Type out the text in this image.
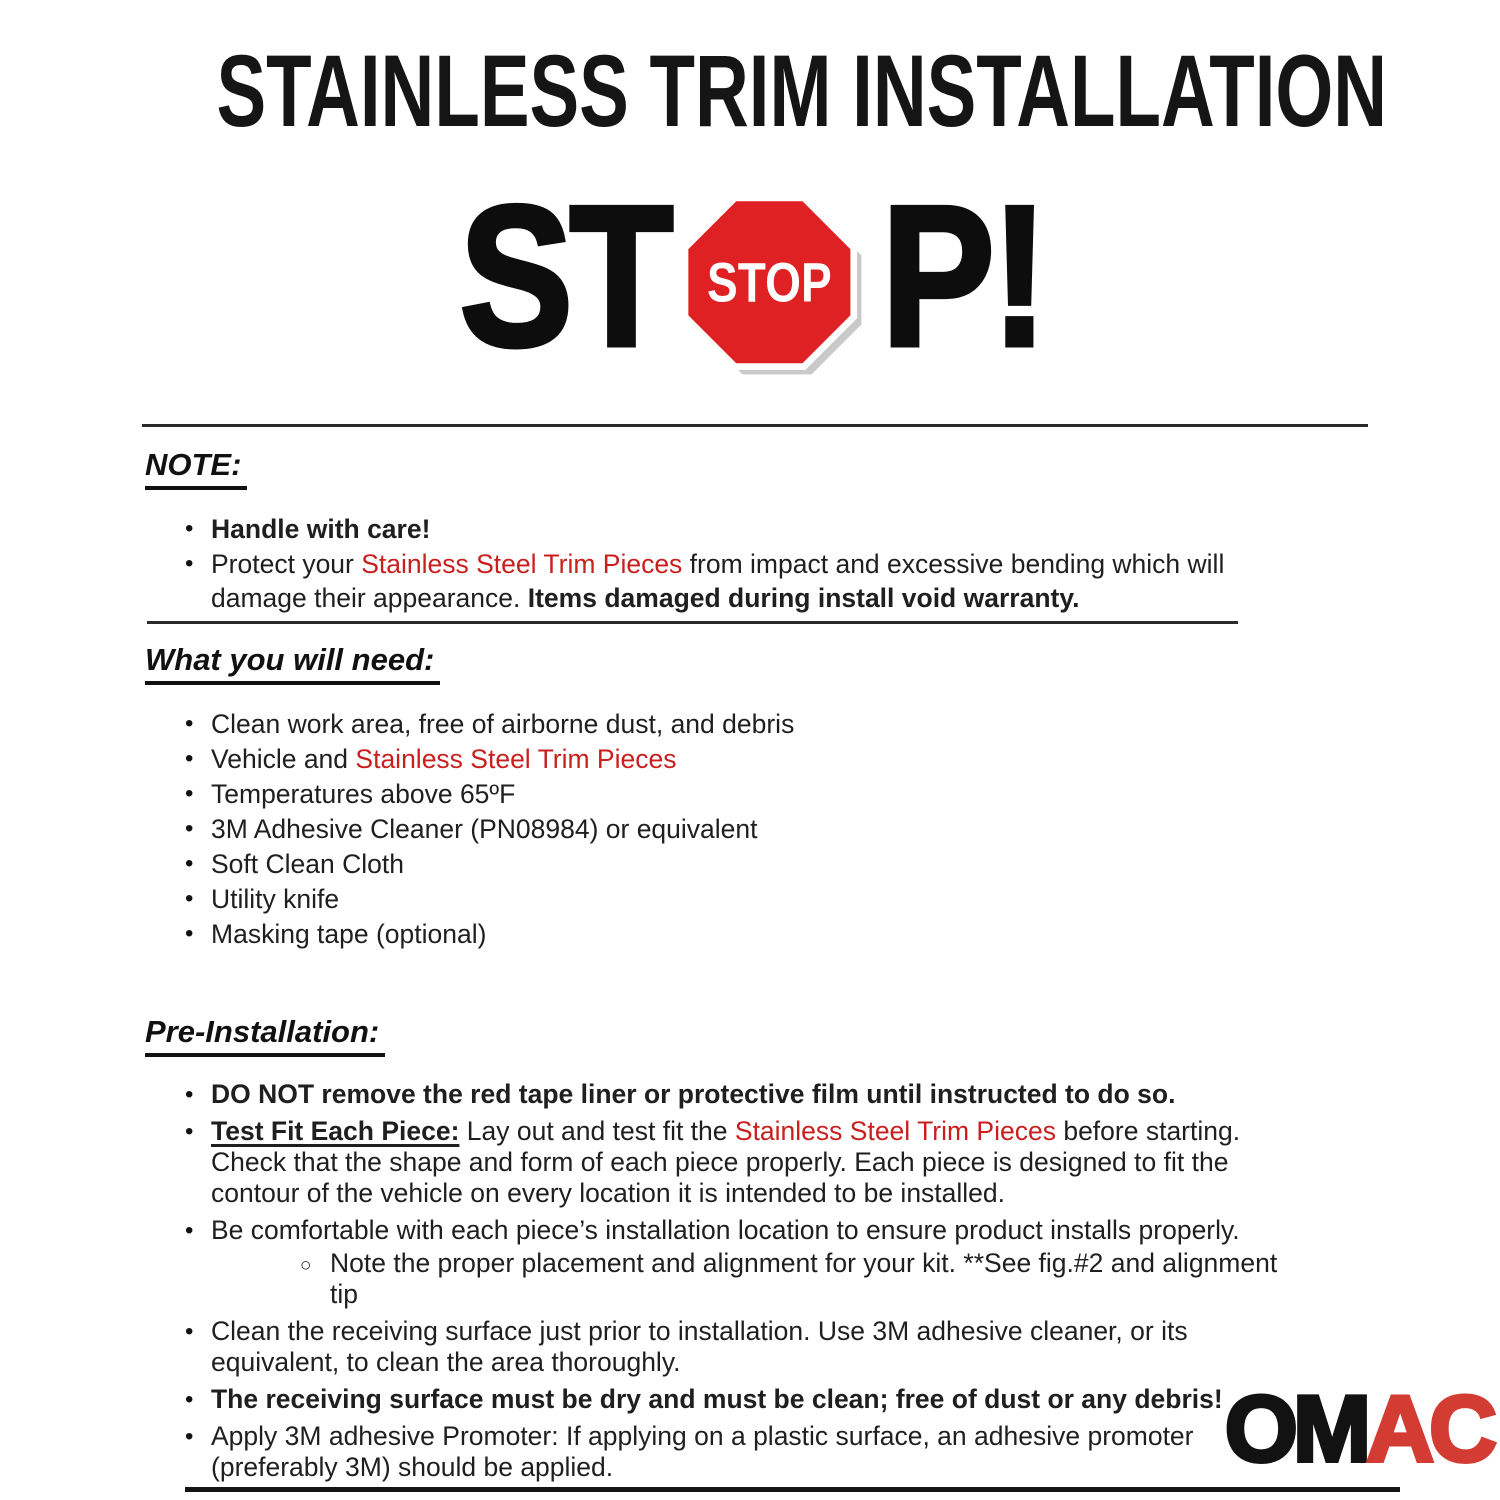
STAINLESS TRIM INSTALLATION
ST STOP P!
NOTE:
• Handle with care!
• Protect your Stainless Steel Trim Pieces from impact and excessive bending which will damage their appearance. Items damaged during install void warranty.
What you will need:
• Clean work area, free of airborne dust, and debris
• Vehicle and Stainless Steel Trim Pieces
• Temperatures above 65ºF
• 3M Adhesive Cleaner (PN08984) or equivalent
• Soft Clean Cloth
• Utility knife
• Masking tape (optional)
Pre-Installation:
• DO NOT remove the red tape liner or protective film until instructed to do so.
• Test Fit Each Piece: Lay out and test fit the Stainless Steel Trim Pieces before starting. Check that the shape and form of each piece properly. Each piece is designed to fit the contour of the vehicle on every location it is intended to be installed.
• Be comfortable with each piece’s installation location to ensure product installs properly.
○ Note the proper placement and alignment for your kit. **See fig.#2 and alignment tip
• Clean the receiving surface just prior to installation. Use 3M adhesive cleaner, or its equivalent, to clean the area thoroughly.
• The receiving surface must be dry and must be clean; free of dust or any debris!
• Apply 3M adhesive Promoter: If applying on a plastic surface, an adhesive promoter (preferably 3M) should be applied.	OMAC
